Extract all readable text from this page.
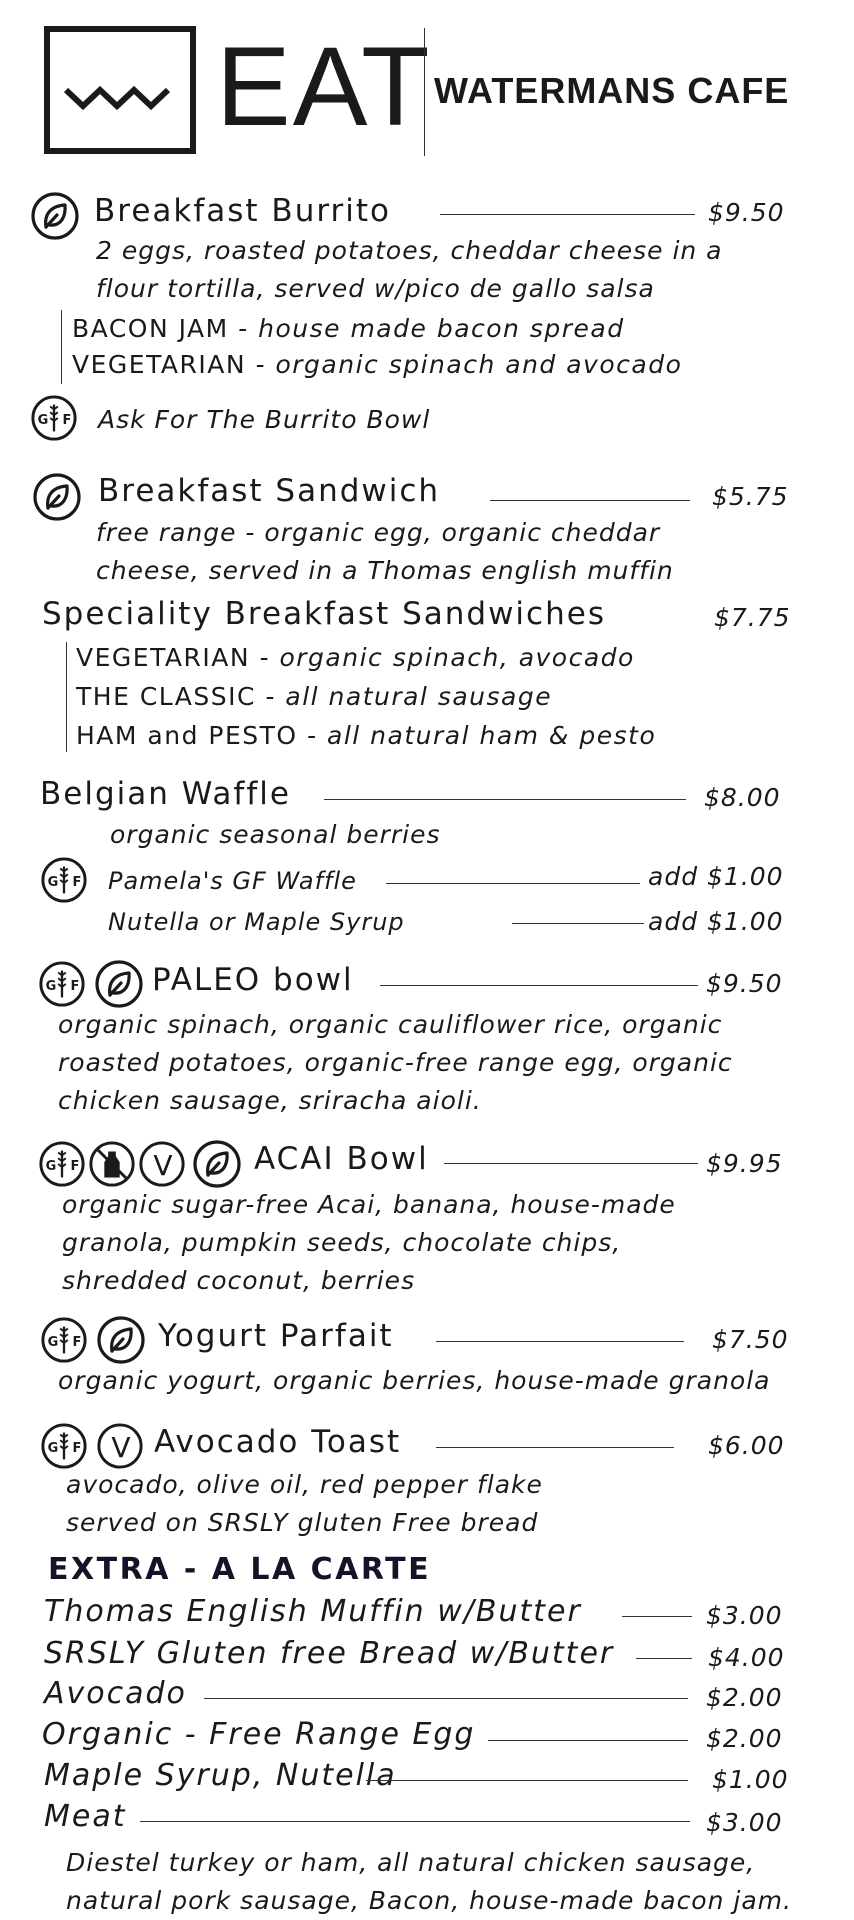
EAT WATERMANS CAFE
Breakfast Burrito	$9.50
2 eggs, roasted potatoes, cheddar cheese in a
flour tortilla, served w/pico de gallo salsa
BACON JAM - house made bacon spread
VEGETARIAN - organic spinach and avocado
G F Ask For The Burrito Bowl
Breakfast Sandwich	$5.75
free range - organic egg, organic cheddar
cheese, served in a Thomas english muffin
Speciality Breakfast Sandwiches	$7.75
VEGETARIAN - organic spinach, avocado
THE CLASSIC - all natural sausage
HAM and PESTO - all natural ham & pesto
Belgian Waffle	$8.00
organic seasonal berries
G F Pamela's GF Waffle	add $1.00
Nutella or Maple Syrup	add $1.00
G F PALEO bowl	$9.50
organic spinach, organic cauliflower rice, organic
roasted potatoes, organic-free range egg, organic
chicken sausage, sriracha aioli.
G F	V	ACAI Bowl	$9.95
organic sugar-free Acai, banana, house-made
granola, pumpkin seeds, chocolate chips,
shredded coconut, berries
G F Yogurt Parfait	$7.50
organic yogurt, organic berries, house-made granola
G F V Avocado Toast	$6.00
avocado, olive oil, red pepper flake
served on SRSLY gluten Free bread
EXTRA - A LA CARTE
Thomas English Muffin w/Butter	$3.00
SRSLY Gluten free Bread w/Butter	$4.00
Avocado	$2.00
Organic - Free Range Egg	$2.00
Maple Syrup, Nutella	$1.00
Meat	$3.00
Diestel turkey or ham, all natural chicken sausage,
natural pork sausage, Bacon, house-made bacon jam.
